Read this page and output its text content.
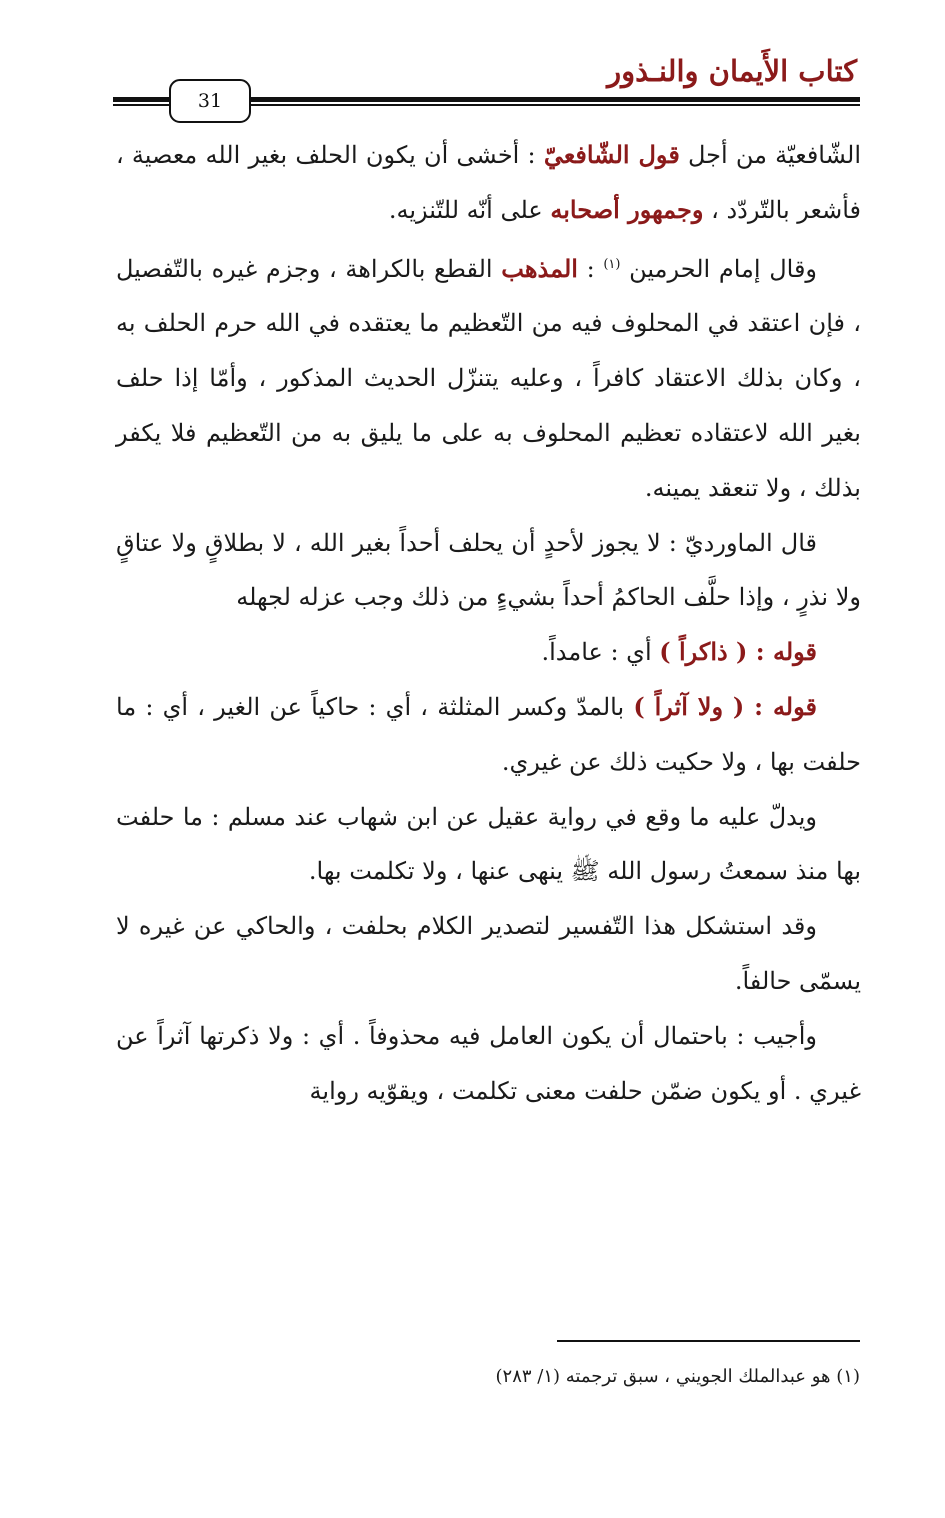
كتاب الأَيمان والنـذور
31

الشّافعيّة من أجل قول الشّافعيّ : أخشى أن يكون الحلف بغير الله معصية ، فأشعر بالتّردّد ، وجمهور أصحابه على أنّه للتّنزيه.

وقال إمام الحرمين $^{(١)}$ : المذهب القطع بالكراهة ، وجزم غيره بالتّفصيل ، فإن اعتقد في المحلوف فيه من التّعظيم ما يعتقده في الله حرم الحلف به ، وكان بذلك الاعتقاد كافراً ، وعليه يتنزّل الحديث المذكور ، وأمّا إذا حلف بغير الله لاعتقاده تعظيم المحلوف به على ما يليق به من التّعظيم فلا يكفر بذلك ، ولا تنعقد يمينه.

قال الماورديّ : لا يجوز لأحدٍ أن يحلف أحداً بغير الله ، لا بطلاقٍ ولا عتاقٍ ولا نذرٍ ، وإذا حلَّف الحاكمُ أحداً بشيءٍ من ذلك وجب عزله لجهله

قوله : ( ذاكراً ) أي : عامداً.

قوله : ( ولا آثراً ) بالمدّ وكسر المثلثة ، أي : حاكياً عن الغير ، أي : ما حلفت بها ، ولا حكيت ذلك عن غيري.

ويدلّ عليه ما وقع في رواية عقيل عن ابن شهاب عند مسلم : ما حلفت بها منذ سمعتُ رسول الله ﷺ ينهى عنها ، ولا تكلمت بها.

وقد استشكل هذا التّفسير لتصدير الكلام بحلفت ، والحاكي عن غيره لا يسمّى حالفاً.

وأجيب : باحتمال أن يكون العامل فيه محذوفاً . أي : ولا ذكرتها آثراً عن غيري . أو يكون ضمّن حلفت معنى تكلمت ، ويقوّيه رواية

(١) هو عبدالملك الجويني ، سبق ترجمته (١/ ٢٨٣)
